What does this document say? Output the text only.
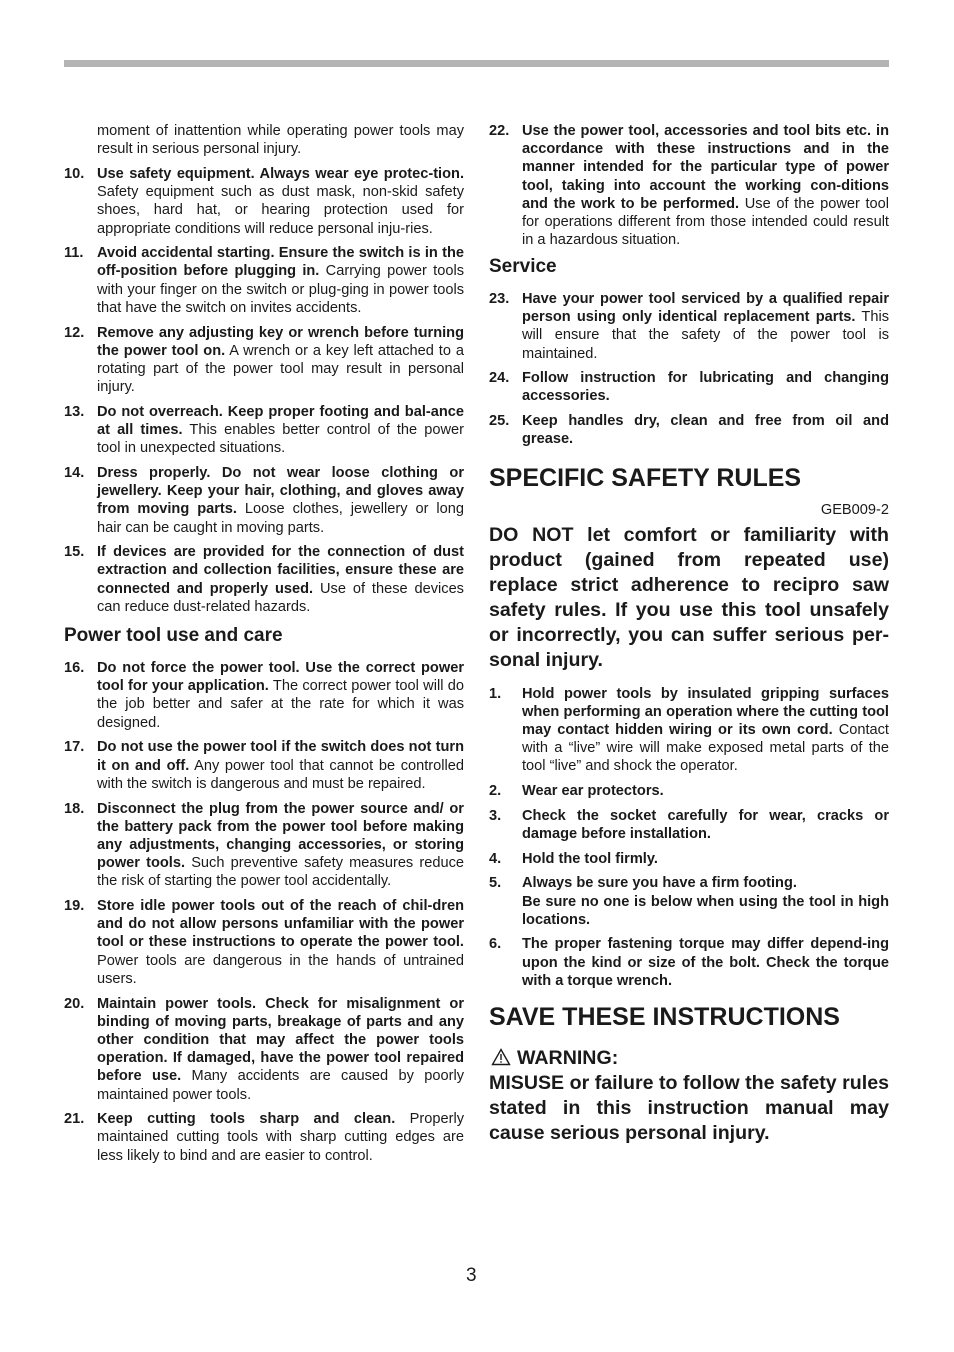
moment of inattention while operating power tools may result in serious personal injury.
10. Use safety equipment. Always wear eye protec-tion. Safety equipment such as dust mask, non-skid safety shoes, hard hat, or hearing protection used for appropriate conditions will reduce personal inju-ries.
11. Avoid accidental starting. Ensure the switch is in the off-position before plugging in. Carrying power tools with your finger on the switch or plug-ging in power tools that have the switch on invites accidents.
12. Remove any adjusting key or wrench before turning the power tool on. A wrench or a key left attached to a rotating part of the power tool may result in personal injury.
13. Do not overreach. Keep proper footing and bal-ance at all times. This enables better control of the power tool in unexpected situations.
14. Dress properly. Do not wear loose clothing or jewellery. Keep your hair, clothing, and gloves away from moving parts. Loose clothes, jewellery or long hair can be caught in moving parts.
15. If devices are provided for the connection of dust extraction and collection facilities, ensure these are connected and properly used. Use of these devices can reduce dust-related hazards.
Power tool use and care
16. Do not force the power tool. Use the correct power tool for your application. The correct power tool will do the job better and safer at the rate for which it was designed.
17. Do not use the power tool if the switch does not turn it on and off. Any power tool that cannot be controlled with the switch is dangerous and must be repaired.
18. Disconnect the plug from the power source and/ or the battery pack from the power tool before making any adjustments, changing accessories, or storing power tools. Such preventive safety measures reduce the risk of starting the power tool accidentally.
19. Store idle power tools out of the reach of chil-dren and do not allow persons unfamiliar with the power tool or these instructions to operate the power tool. Power tools are dangerous in the hands of untrained users.
20. Maintain power tools. Check for misalignment or binding of moving parts, breakage of parts and any other condition that may affect the power tools operation. If damaged, have the power tool repaired before use. Many accidents are caused by poorly maintained power tools.
21. Keep cutting tools sharp and clean. Properly maintained cutting tools with sharp cutting edges are less likely to bind and are easier to control.
22. Use the power tool, accessories and tool bits etc. in accordance with these instructions and in the manner intended for the particular type of power tool, taking into account the working con-ditions and the work to be performed. Use of the power tool for operations different from those intended could result in a hazardous situation.
Service
23. Have your power tool serviced by a qualified repair person using only identical replacement parts. This will ensure that the safety of the power tool is maintained.
24. Follow instruction for lubricating and changing accessories.
25. Keep handles dry, clean and free from oil and grease.
SPECIFIC SAFETY RULES
GEB009-2
DO NOT let comfort or familiarity with product (gained from repeated use) replace strict adherence to recipro saw safety rules. If you use this tool unsafely or incorrectly, you can suffer serious per-sonal injury.
1. Hold power tools by insulated gripping surfaces when performing an operation where the cutting tool may contact hidden wiring or its own cord. Contact with a “live” wire will make exposed metal parts of the tool “live” and shock the operator.
2. Wear ear protectors.
3. Check the socket carefully for wear, cracks or damage before installation.
4. Hold the tool firmly.
5. Always be sure you have a firm footing.
Be sure no one is below when using the tool in high locations.
6. The proper fastening torque may differ depend-ing upon the kind or size of the bolt. Check the torque with a torque wrench.
SAVE THESE INSTRUCTIONS
WARNING:
MISUSE or failure to follow the safety rules stated in this instruction manual may cause serious personal injury.
3
